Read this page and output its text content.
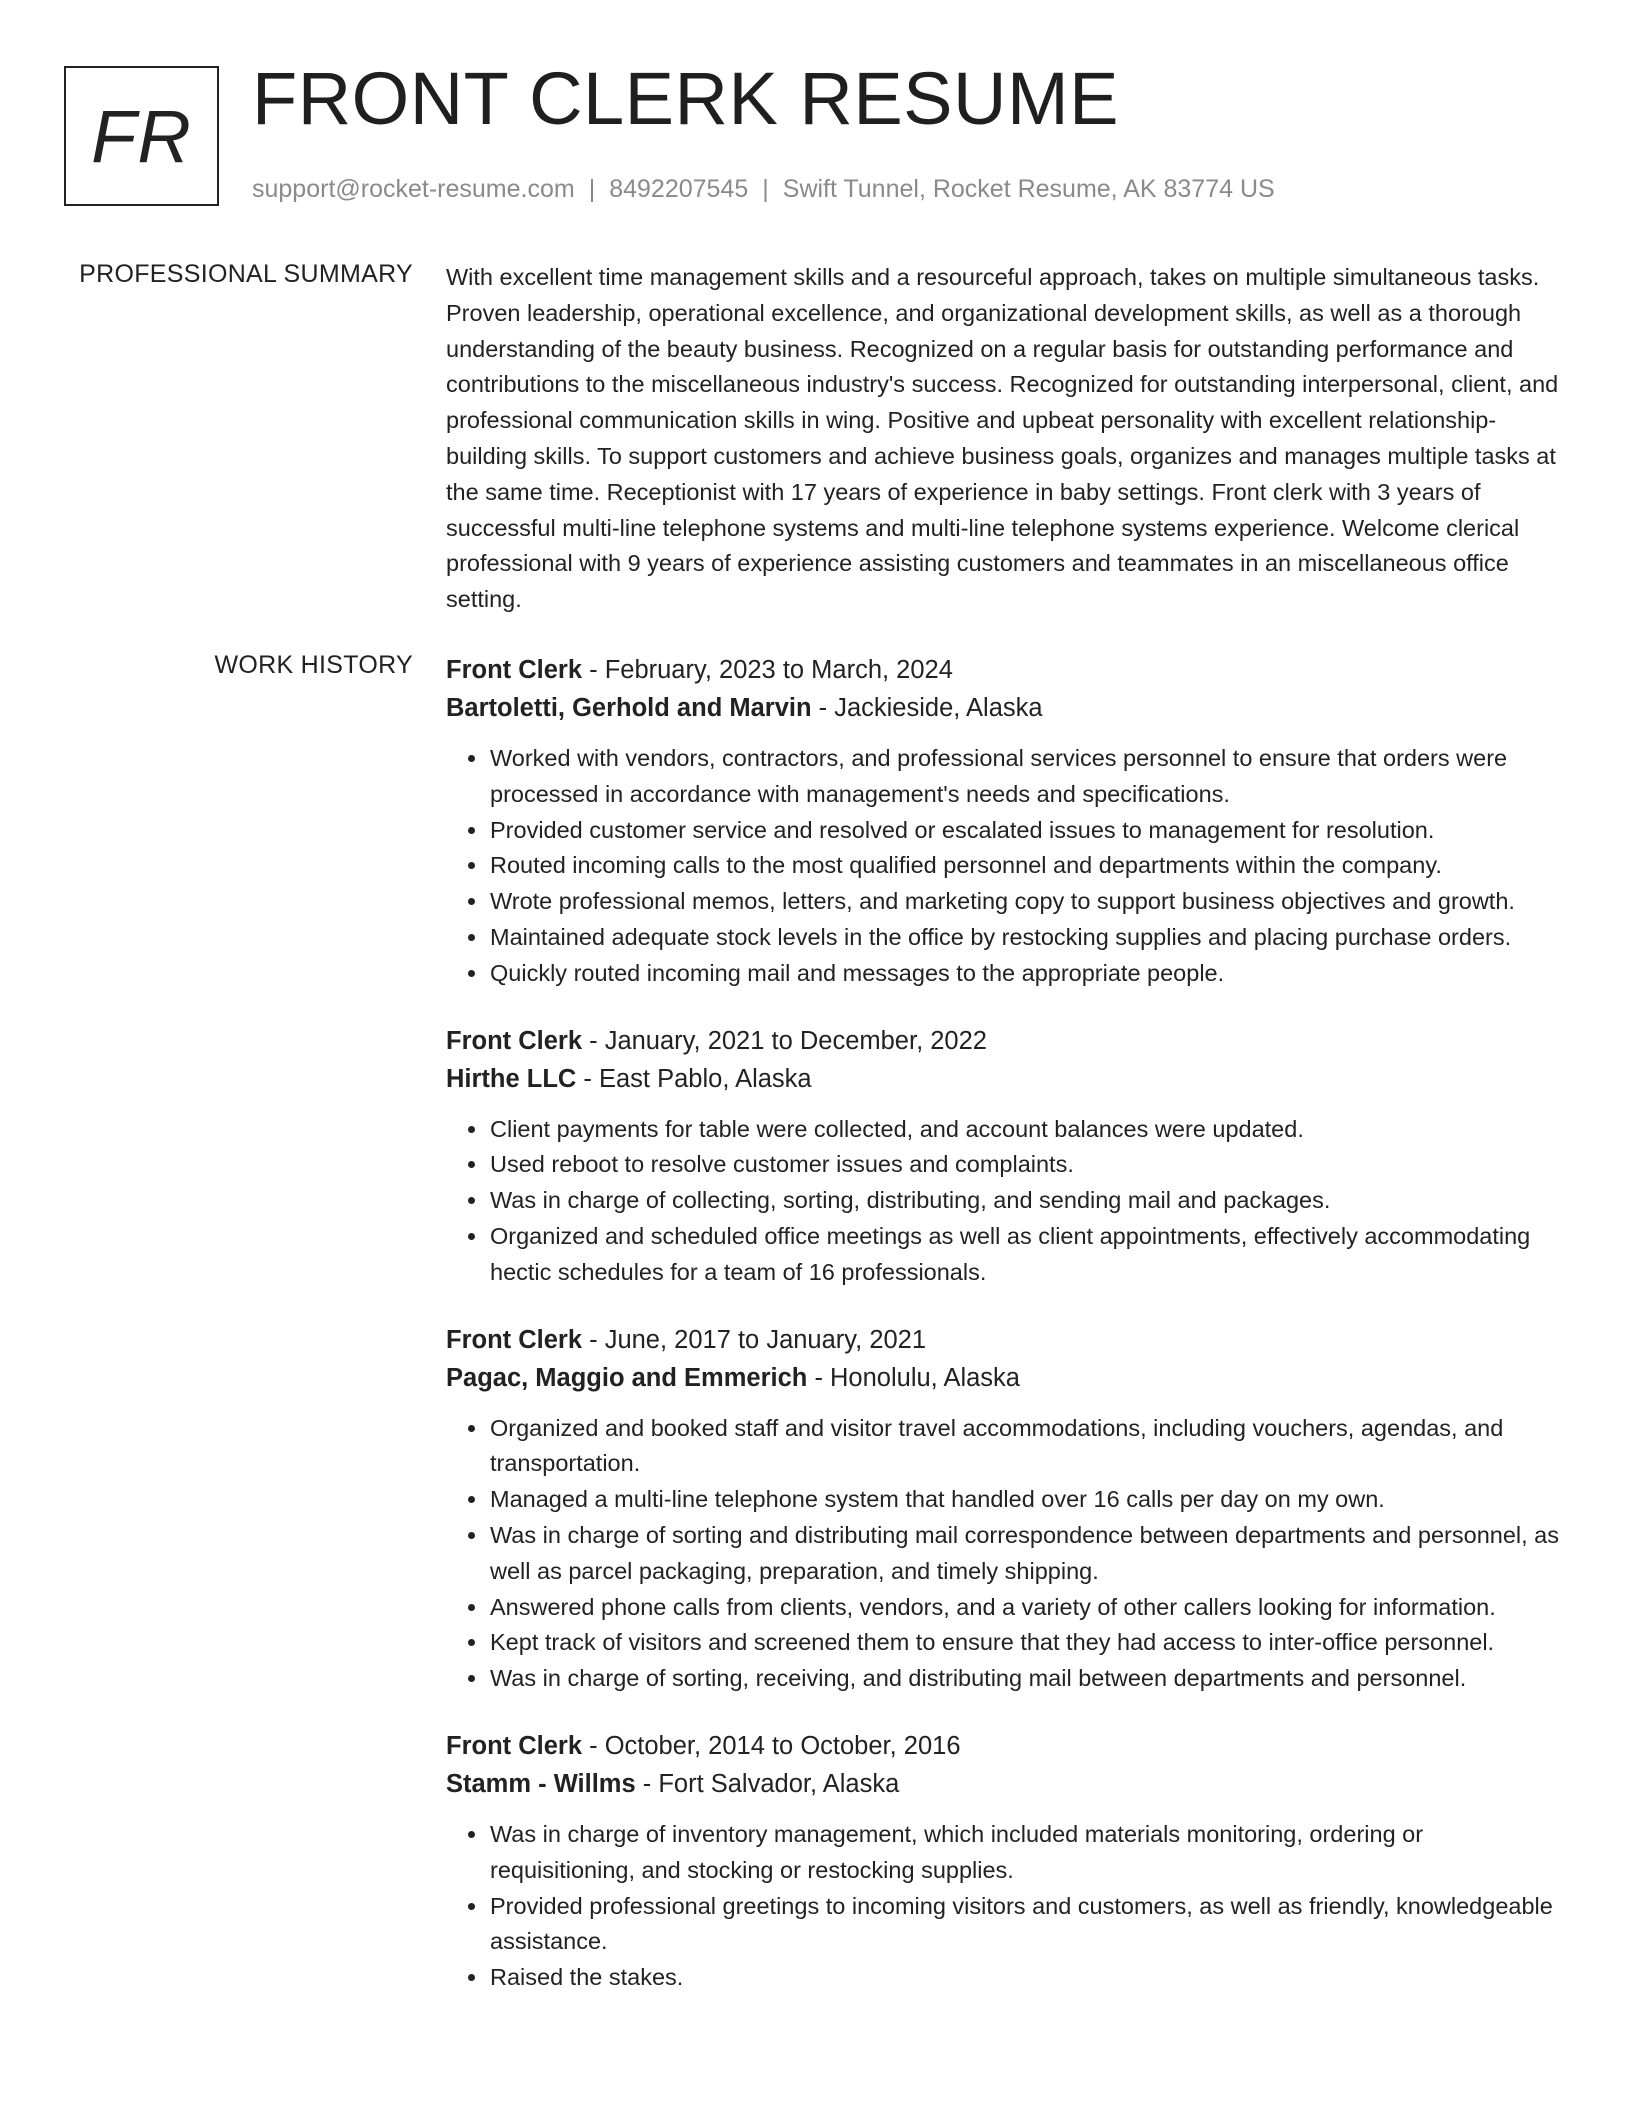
FR FRONT CLERK RESUME
support@rocket-resume.com | 8492207545 | Swift Tunnel, Rocket Resume, AK 83774 US
PROFESSIONAL SUMMARY With excellent time management skills and a resourceful approach, takes on multiple simultaneous tasks. Proven leadership, operational excellence, and organizational development skills, as well as a thorough understanding of the beauty business. Recognized on a regular basis for outstanding performance and contributions to the miscellaneous industry's success. Recognized for outstanding interpersonal, client, and professional communication skills in wing. Positive and upbeat personality with excellent relationship-building skills. To support customers and achieve business goals, organizes and manages multiple tasks at the same time. Receptionist with 17 years of experience in baby settings. Front clerk with 3 years of successful multi-line telephone systems and multi-line telephone systems experience. Welcome clerical professional with 9 years of experience assisting customers and teammates in an miscellaneous office setting.

WORK HISTORY Front Clerk - February, 2023 to March, 2024
Bartoletti, Gerhold and Marvin - Jackieside, Alaska
• Worked with vendors, contractors, and professional services personnel to ensure that orders were processed in accordance with management's needs and specifications.
• Provided customer service and resolved or escalated issues to management for resolution.
• Routed incoming calls to the most qualified personnel and departments within the company.
• Wrote professional memos, letters, and marketing copy to support business objectives and growth.
• Maintained adequate stock levels in the office by restocking supplies and placing purchase orders.
• Quickly routed incoming mail and messages to the appropriate people.
Front Clerk - January, 2021 to December, 2022
Hirthe LLC - East Pablo, Alaska
• Client payments for table were collected, and account balances were updated.
• Used reboot to resolve customer issues and complaints.
• Was in charge of collecting, sorting, distributing, and sending mail and packages.
• Organized and scheduled office meetings as well as client appointments, effectively accommodating hectic schedules for a team of 16 professionals.
Front Clerk - June, 2017 to January, 2021
Pagac, Maggio and Emmerich - Honolulu, Alaska
• Organized and booked staff and visitor travel accommodations, including vouchers, agendas, and transportation.
• Managed a multi-line telephone system that handled over 16 calls per day on my own.
• Was in charge of sorting and distributing mail correspondence between departments and personnel, as well as parcel packaging, preparation, and timely shipping.
• Answered phone calls from clients, vendors, and a variety of other callers looking for information.
• Kept track of visitors and screened them to ensure that they had access to inter-office personnel.
• Was in charge of sorting, receiving, and distributing mail between departments and personnel.
Front Clerk - October, 2014 to October, 2016
Stamm - Willms - Fort Salvador, Alaska
• Was in charge of inventory management, which included materials monitoring, ordering or requisitioning, and stocking or restocking supplies.
• Provided professional greetings to incoming visitors and customers, as well as friendly, knowledgeable assistance.
• Raised the stakes.
